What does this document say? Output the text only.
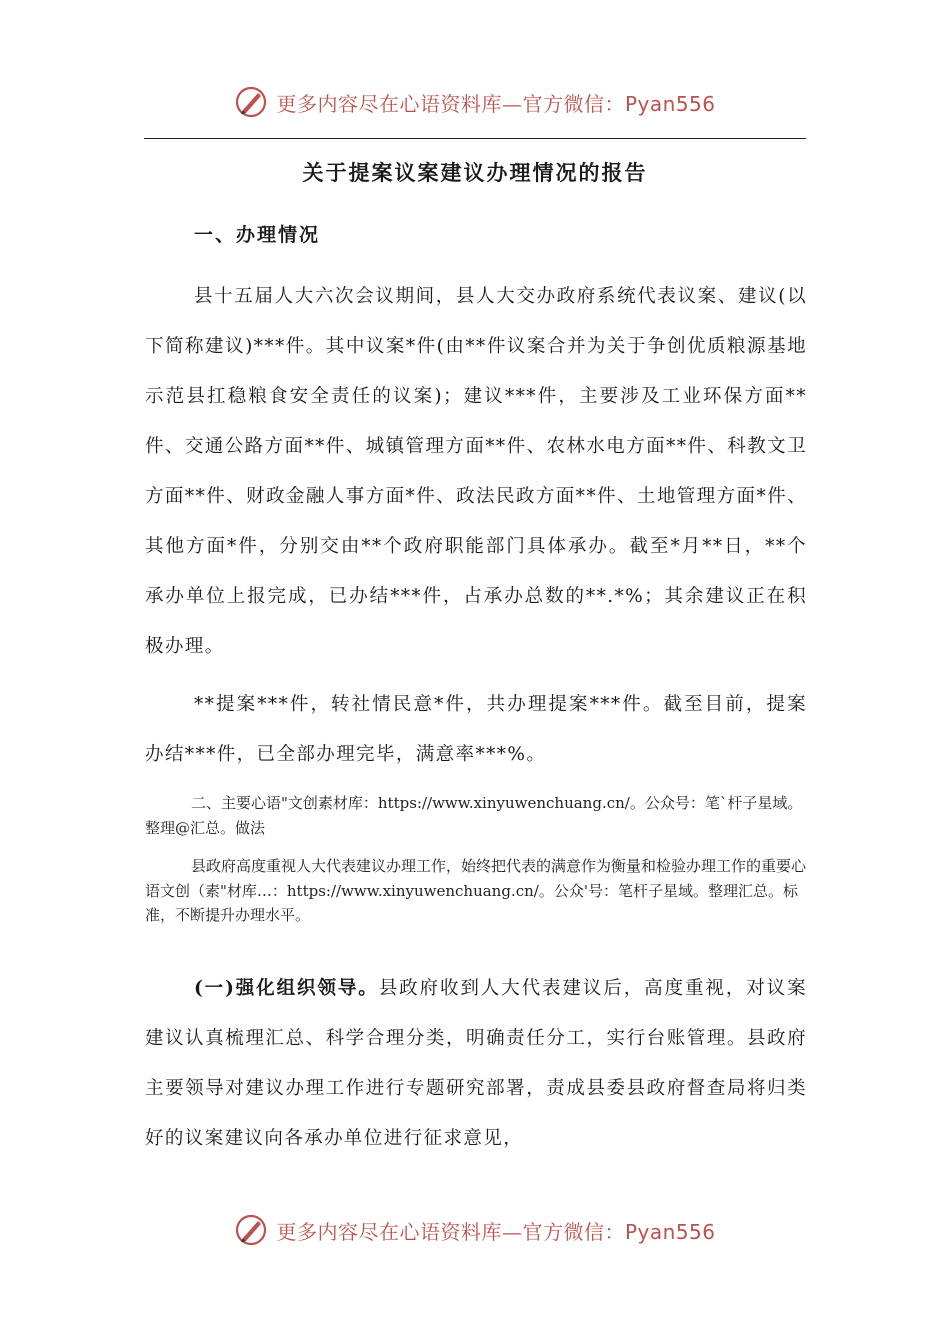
更多内容尽在心语资料库—官方微信：Pyan556
关于提案议案建议办理情况的报告
一、办理情况
县十五届人大六次会议期间，县人大交办政府系统代表议案、建议(以下简称建议)***件。其中议案*件(由**件议案合并为关于争创优质粮源基地示范县扛稳粮食安全责任的议案)；建议***件，主要涉及工业环保方面**件、交通公路方面**件、城镇管理方面**件、农林水电方面**件、科教文卫方面**件、财政金融人事方面*件、政法民政方面**件、土地管理方面*件、其他方面*件，分别交由**个政府职能部门具体承办。截至*月**日，**个承办单位上报完成，已办结***件，占承办总数的**.*%；其余建议正在积极办理。
**提案***件，转社情民意*件，共办理提案***件。截至目前，提案办结***件，已全部办理完毕，满意率***%。
二、主要心语"文创素材库：https://www.xinyuwenchuang.cn/。公众号：笔`杆子星域。整理@汇总。做法
县政府高度重视人大代表建议办理工作，始终把代表的满意作为衡量和检验办理工作的重要心语文创（素"材库…：https://www.xinyuwenchuang.cn/。公众'号：笔杆子星域。整理汇总。标准，不断提升办理水平。
(一)强化组织领导。县政府收到人大代表建议后，高度重视，对议案建议认真梳理汇总、科学合理分类，明确责任分工，实行台账管理。县政府主要领导对建议办理工作进行专题研究部署，责成县委县政府督查局将归类好的议案建议向各承办单位进行征求意见，
更多内容尽在心语资料库—官方微信：Pyan556
